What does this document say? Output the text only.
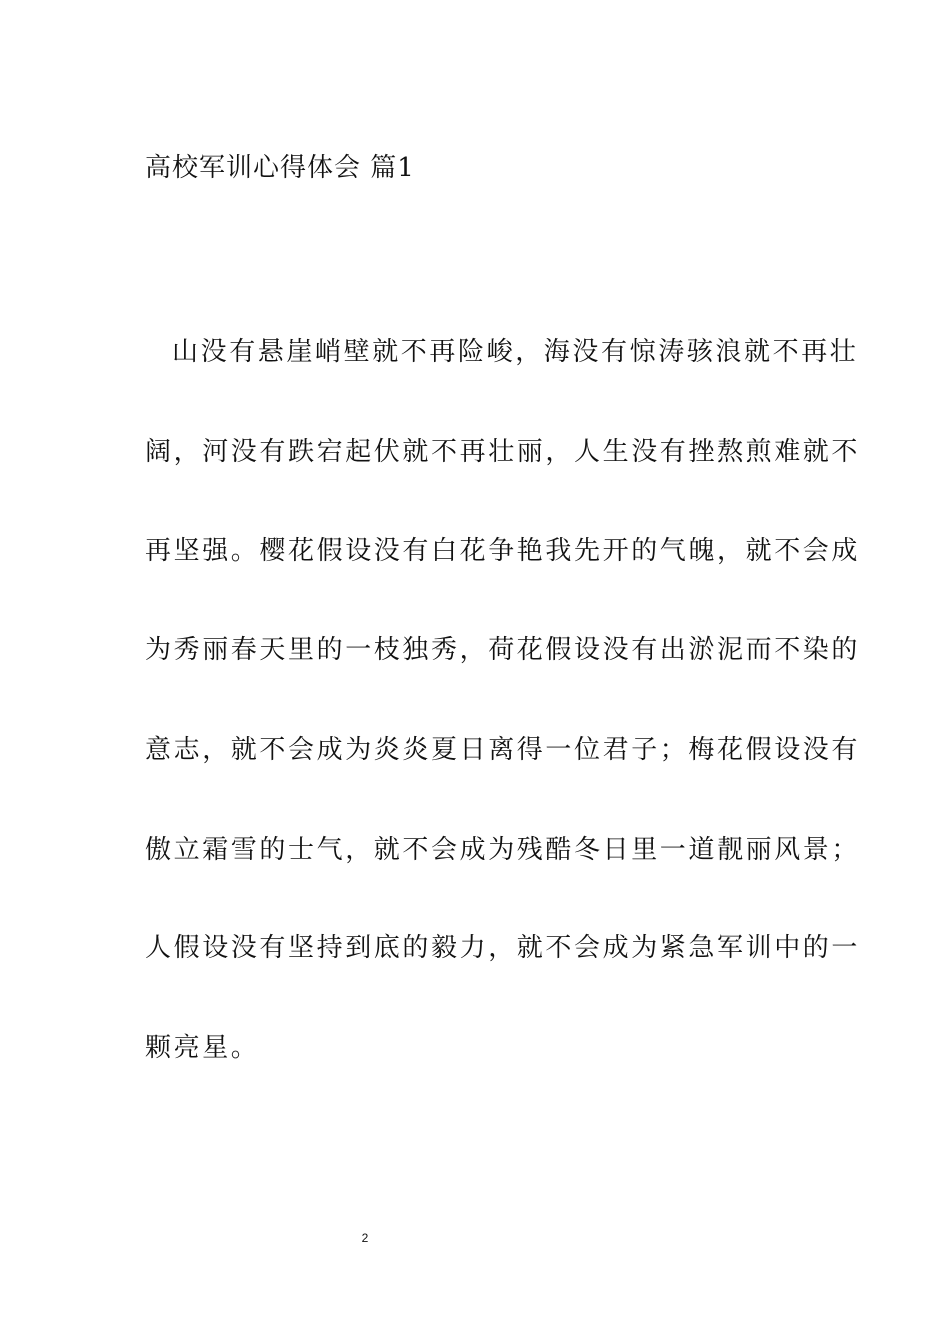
高校军训心得体会 篇1
山没有悬崖峭壁就不再险峻，海没有惊涛骇浪就不再壮
阔，河没有跌宕起伏就不再壮丽，人生没有挫熬煎难就不
再坚强。樱花假设没有白花争艳我先开的气魄，就不会成
为秀丽春天里的一枝独秀，荷花假设没有出淤泥而不染的
意志，就不会成为炎炎夏日离得一位君子；梅花假设没有
傲立霜雪的士气，就不会成为残酷冬日里一道靓丽风景；
人假设没有坚持到底的毅力，就不会成为紧急军训中的一
颗亮星。
2
